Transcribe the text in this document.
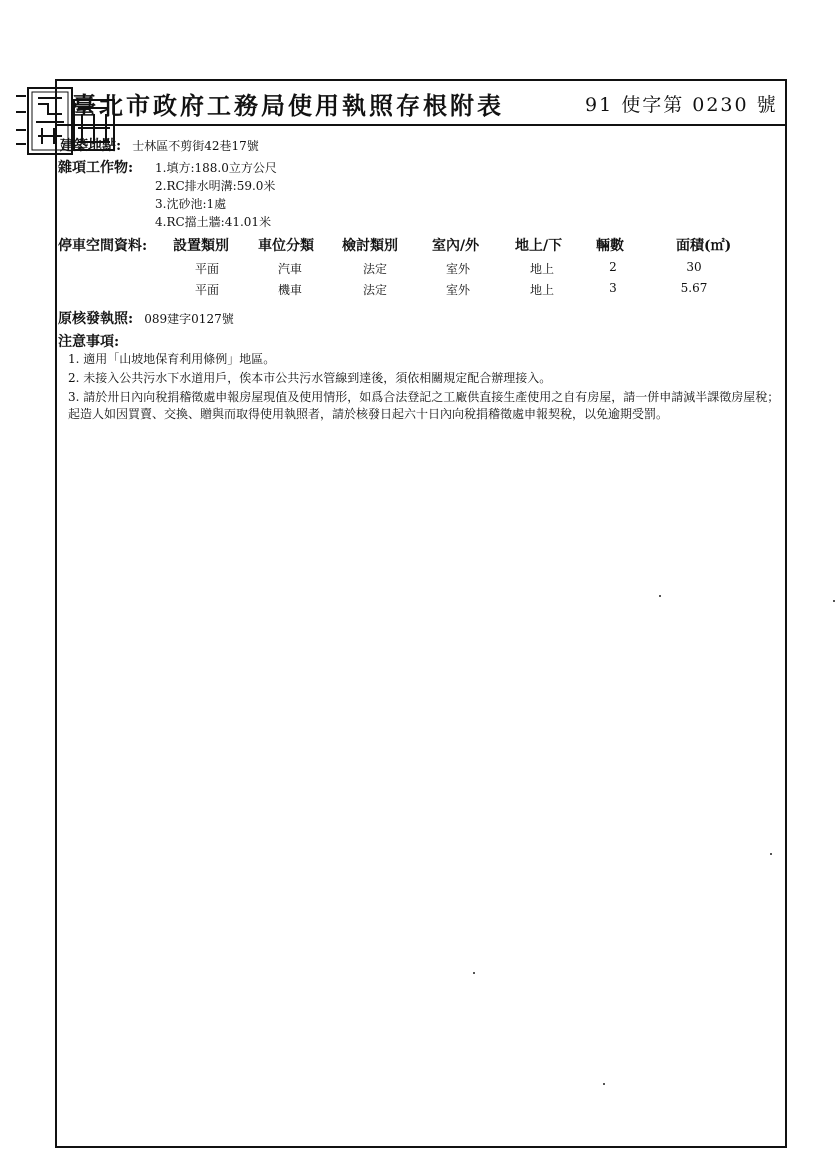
臺北市政府工務局使用執照存根附表	91 使字第 0230 號
建築地點: 士林區不剪街42巷17號
雜項工作物: 1.填方:188.0立方公尺
2.RC排水明溝:59.0米
3.沈砂池:1處
4.RC擋土牆:41.01米
停車空間資料: 設置類別 車位分類 檢討類別 室內/外	地上/下 輛數	面積(㎡)
平面	汽車	法定	室外	地上	2	30
平面	機車	法定	室外	地上	3	5.67
原核發執照: 089建字0127號
注意事項:
1. 適用「山坡地保育利用條例」地區。
2. 未接入公共污水下水道用戶，俟本市公共污水管線到達後，須依相關規定配合辦理接入。
3. 請於卅日內向稅捐稽徵處申報房屋現值及使用情形，如爲合法登記之工廠供直接生產使用之自有房屋，請一併申請減半課徵房屋稅；起造人如因買賣、交換、贈與而取得使用執照者，請於核發日起六十日內向稅捐稽徵處申報契稅，以免逾期受罰。
